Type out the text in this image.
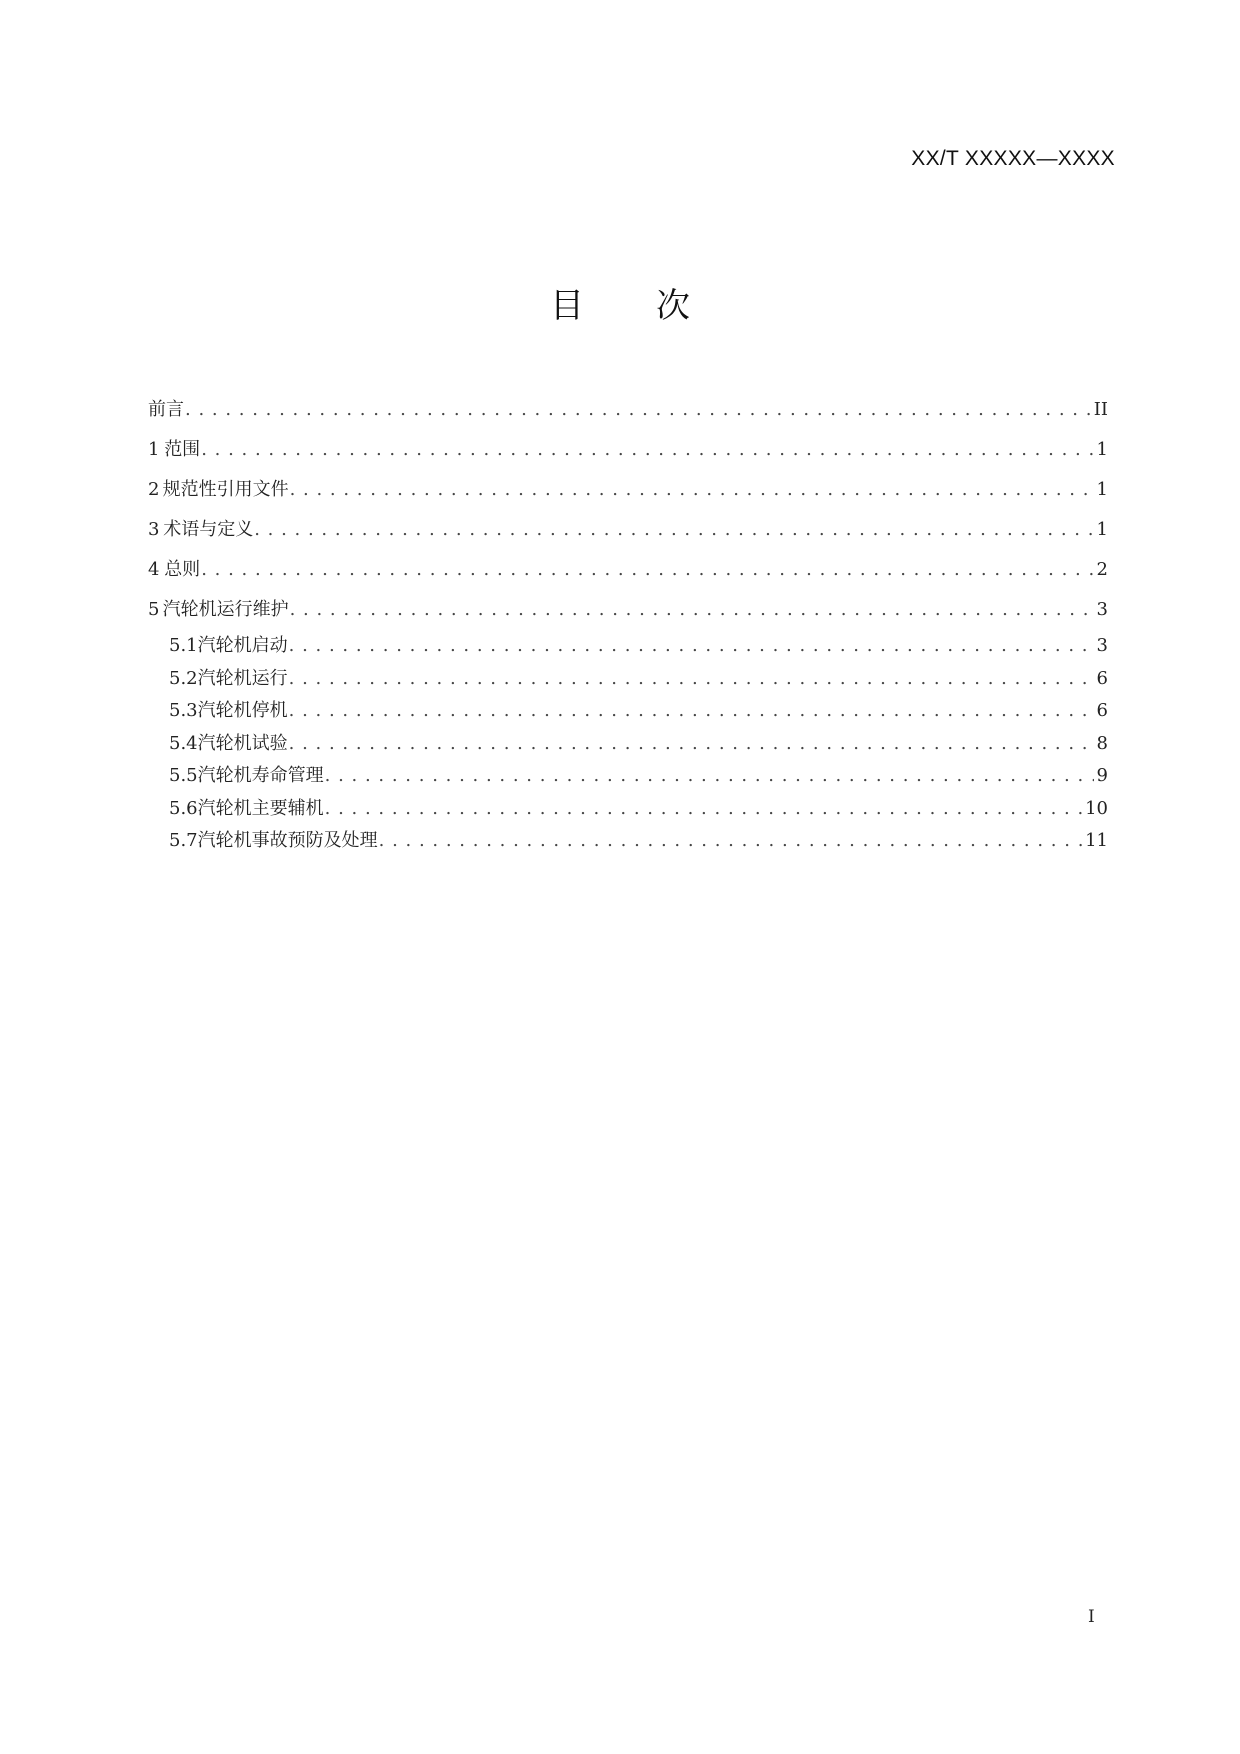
XX/T XXXXX—XXXX
目 次
前言 . . .	II
1 范围 . . .	1
2 规范性引用文件 . . .	1
3 术语与定义 . . .	1
4 总则 . . .	2
5 汽轮机运行维护 . . .	3
5.1 汽轮机启动 . . .	3
5.2 汽轮机运行 . . .	6
5.3 汽轮机停机 . . .	6
5.4 汽轮机试验 . . .	8
5.5 汽轮机寿命管理 . . .	9
5.6 汽轮机主要辅机 . . .	10
5.7 汽轮机事故预防及处理 . . .	11
I
